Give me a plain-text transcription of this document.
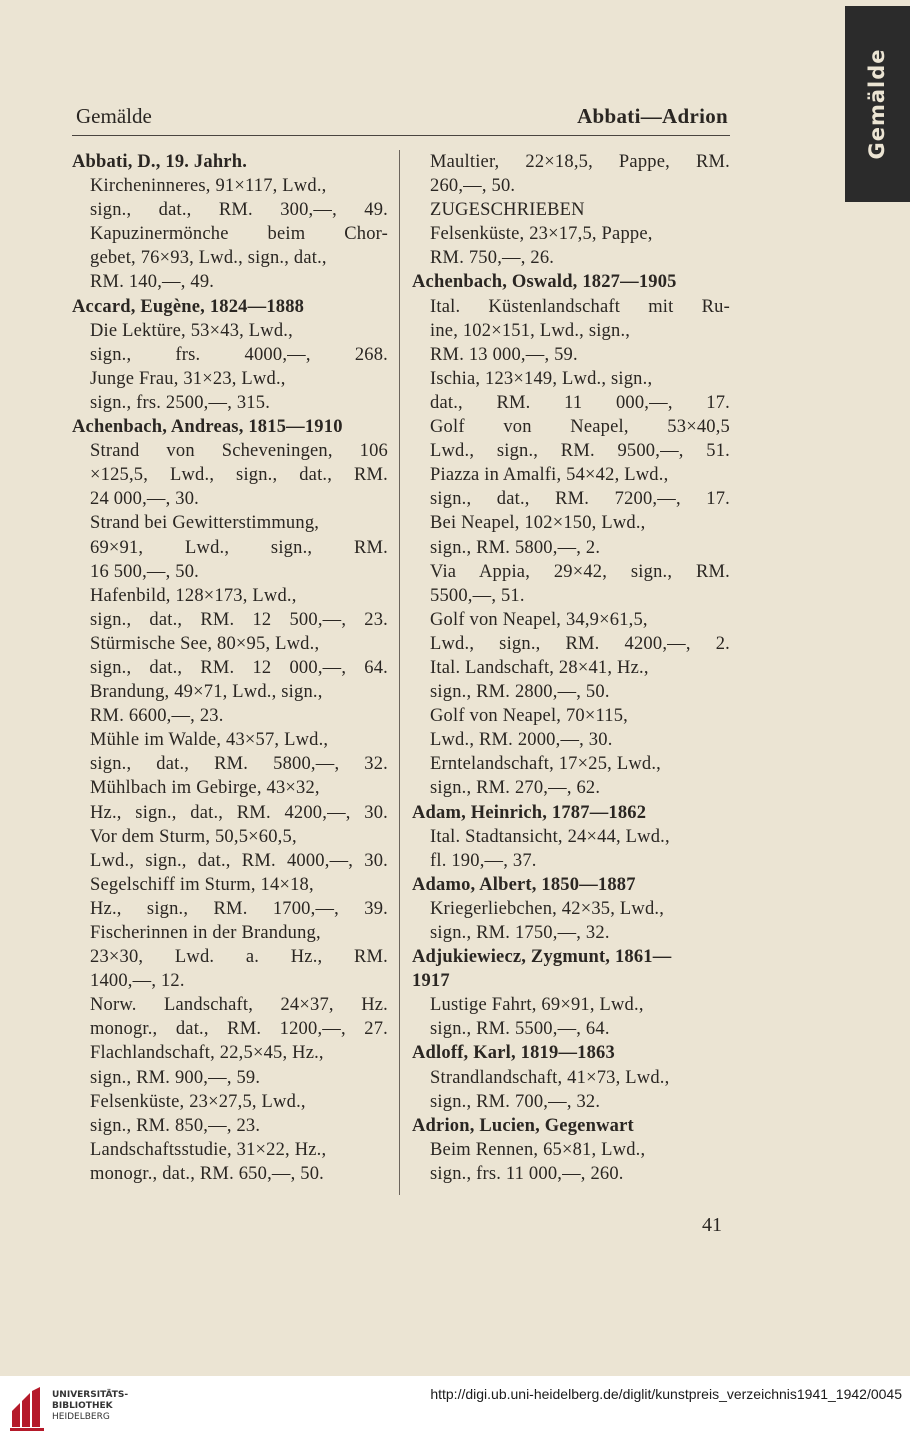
Gemälde
Gemälde	Abbati—Adrion
Abbati, D., 19. Jahrh.
Kircheninneres, 91×117, Lwd.,
sign., dat., RM. 300,—, 49.
Kapuzinermönche beim Chor-
gebet, 76×93, Lwd., sign., dat.,
RM. 140,—, 49.
Accard, Eugène, 1824—1888
Die Lektüre, 53×43, Lwd.,
sign., frs. 4000,—, 268.
Junge Frau, 31×23, Lwd.,
sign., frs. 2500,—, 315.
Achenbach, Andreas, 1815—1910
Strand von Scheveningen, 106
×125,5, Lwd., sign., dat., RM.
24 000,—, 30.
Strand bei Gewitterstimmung,
69×91, Lwd., sign., RM.
16 500,—, 50.
Hafenbild, 128×173, Lwd.,
sign., dat., RM. 12 500,—, 23.
Stürmische See, 80×95, Lwd.,
sign., dat., RM. 12 000,—, 64.
Brandung, 49×71, Lwd., sign.,
RM. 6600,—, 23.
Mühle im Walde, 43×57, Lwd.,
sign., dat., RM. 5800,—, 32.
Mühlbach im Gebirge, 43×32,
Hz., sign., dat., RM. 4200,—, 30.
Vor dem Sturm, 50,5×60,5,
Lwd., sign., dat., RM. 4000,—, 30.
Segelschiff im Sturm, 14×18,
Hz., sign., RM. 1700,—, 39.
Fischerinnen in der Brandung,
23×30, Lwd. a. Hz., RM.
1400,—, 12.
Norw. Landschaft, 24×37, Hz.
monogr., dat., RM. 1200,—, 27.
Flachlandschaft, 22,5×45, Hz.,
sign., RM. 900,—, 59.
Felsenküste, 23×27,5, Lwd.,
sign., RM. 850,—, 23.
Landschaftsstudie, 31×22, Hz.,
monogr., dat., RM. 650,—, 50.
Maultier, 22×18,5, Pappe, RM.
260,—, 50.
ZUGESCHRIEBEN
Felsenküste, 23×17,5, Pappe,
RM. 750,—, 26.
Achenbach, Oswald, 1827—1905
Ital. Küstenlandschaft mit Ru-
ine, 102×151, Lwd., sign.,
RM. 13 000,—, 59.
Ischia, 123×149, Lwd., sign.,
dat., RM. 11 000,—, 17.
Golf von Neapel, 53×40,5
Lwd., sign., RM. 9500,—, 51.
Piazza in Amalfi, 54×42, Lwd.,
sign., dat., RM. 7200,—, 17.
Bei Neapel, 102×150, Lwd.,
sign., RM. 5800,—, 2.
Via Appia, 29×42, sign., RM.
5500,—, 51.
Golf von Neapel, 34,9×61,5,
Lwd., sign., RM. 4200,—, 2.
Ital. Landschaft, 28×41, Hz.,
sign., RM. 2800,—, 50.
Golf von Neapel, 70×115,
Lwd., RM. 2000,—, 30.
Erntelandschaft, 17×25, Lwd.,
sign., RM. 270,—, 62.
Adam, Heinrich, 1787—1862
Ital. Stadtansicht, 24×44, Lwd.,
fl. 190,—, 37.
Adamo, Albert, 1850—1887
Kriegerliebchen, 42×35, Lwd.,
sign., RM. 1750,—, 32.
Adjukiewiecz, Zygmunt, 1861—
1917
Lustige Fahrt, 69×91, Lwd.,
sign., RM. 5500,—, 64.
Adloff, Karl, 1819—1863
Strandlandschaft, 41×73, Lwd.,
sign., RM. 700,—, 32.
Adrion, Lucien, Gegenwart
Beim Rennen, 65×81, Lwd.,
sign., frs. 11 000,—, 260.
41
UNIVERSITÄTS-
BIBLIOTHEK
HEIDELBERG
http://digi.ub.uni-heidelberg.de/diglit/kunstpreis_verzeichnis1941_1942/0045
